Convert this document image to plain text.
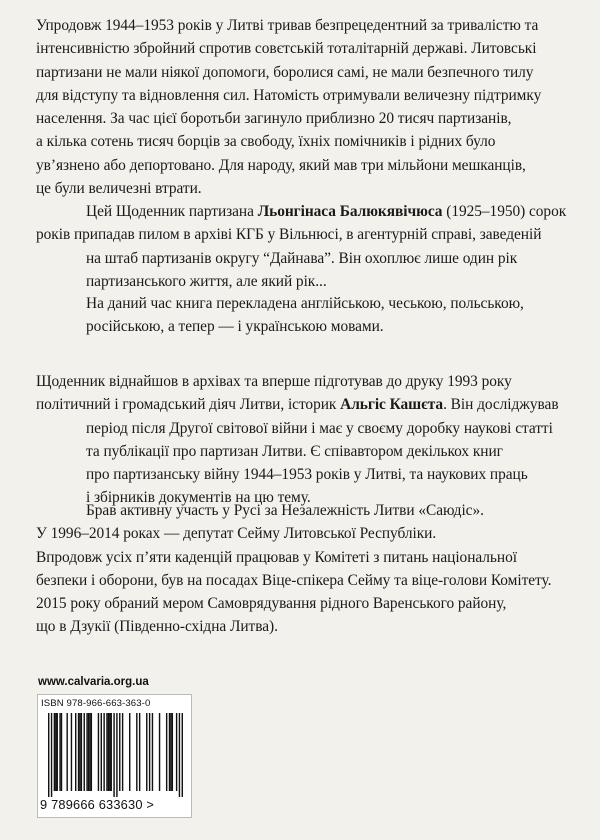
Упродовж 1944–1953 років у Литві тривав безпрецедентний за тривалістю та
інтенсивністю збройний спротив совєтській тоталітарній державі. Литовські
партизани не мали ніякої допомоги, боролися самі, не мали безпечного тилу
для відступу та відновлення сил. Натомість отримували величезну підтримку
населення. За час цієї боротьби загинуло приблизно 20 тисяч партизанів,
а кілька сотень тисяч борців за свободу, їхніх помічників і рідних було
ув’язнено або депортовано. Для народу, який мав три мільйони мешканців,
це були величезні втрати.
Цей Щоденник партизана Льонгінаса Балюкявічюса (1925–1950) сорок
років припадав пилом в архіві КГБ у Вільнюсі, в агентурній справі, заведеній
на штаб партизанів округу “Дайнава”. Він охоплює лише один рік
партизанського життя, але який рік...
На даний час книга перекладена англійською, чеською, польською,
російською, а тепер — і українською мовами.
Щоденник віднайшов в архівах та вперше підготував до друку 1993 року
політичний і громадський діяч Литви, історик Альгіс Кашєта. Він досліджував
період після Другої світової війни і має у своєму доробку наукові статті
та публікації про партизан Литви. Є співавтором декількох книг
про партизанську війну 1944–1953 років у Литві, та наукових праць
і збірників документів на цю тему.
Брав активну участь у Русі за Незалежність Литви «Саюдіс».
У 1996–2014 роках — депутат Сейму Литовської Республіки.
Впродовж усіх п’яти каденцій працював у Комітеті з питань національної
безпеки і оборони, був на посадах Віце-спікера Сейму та віце-голови Комітету.
2015 року обраний мером Самоврядування рідного Варенського району,
що в Дзукії (Південно-східна Литва).
www.calvaria.org.ua
ISBN 978-966-663-363-0
9 789666 633630 >
